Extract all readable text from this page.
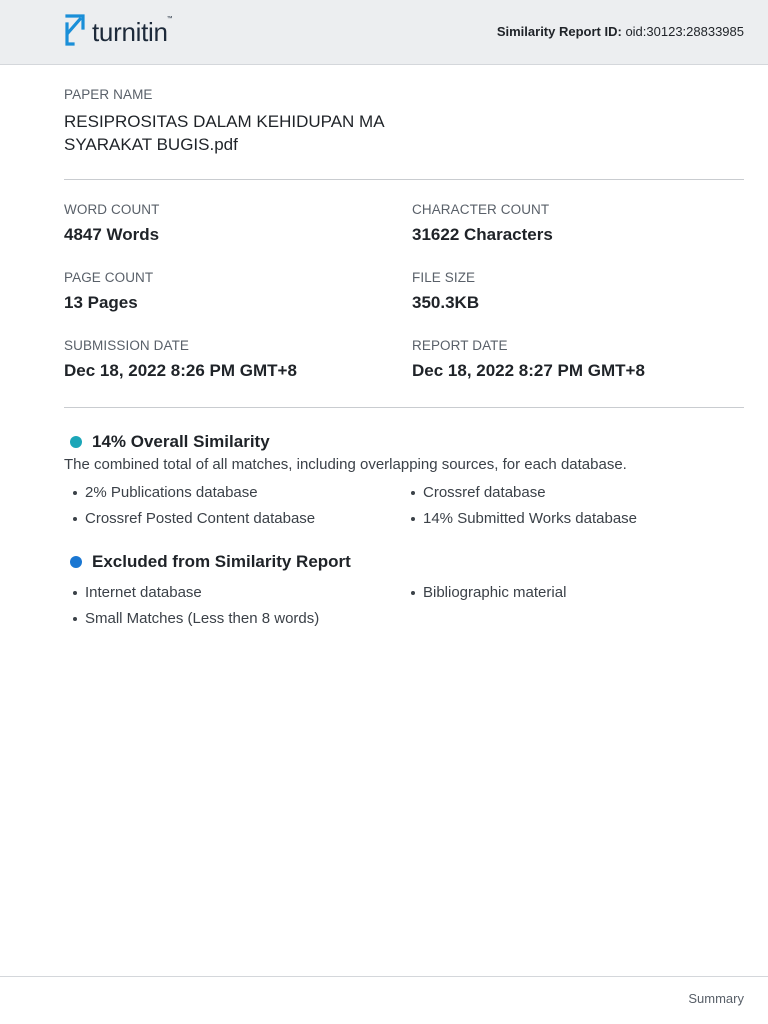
turnitin ™
Similarity Report ID: oid:30123:28833985
PAPER NAME
RESIPROSITAS DALAM KEHIDUPAN MA SYARAKAT BUGIS.pdf
WORD COUNT
4847 Words
CHARACTER COUNT
31622 Characters
PAGE COUNT
13 Pages
FILE SIZE
350.3KB
SUBMISSION DATE
Dec 18, 2022 8:26 PM GMT+8
REPORT DATE
Dec 18, 2022 8:27 PM GMT+8
14% Overall Similarity
The combined total of all matches, including overlapping sources, for each database.
2% Publications database	Crossref database
Crossref Posted Content database	14% Submitted Works database
Excluded from Similarity Report
Internet database	Bibliographic material
Small Matches (Less then 8 words)
Summary
